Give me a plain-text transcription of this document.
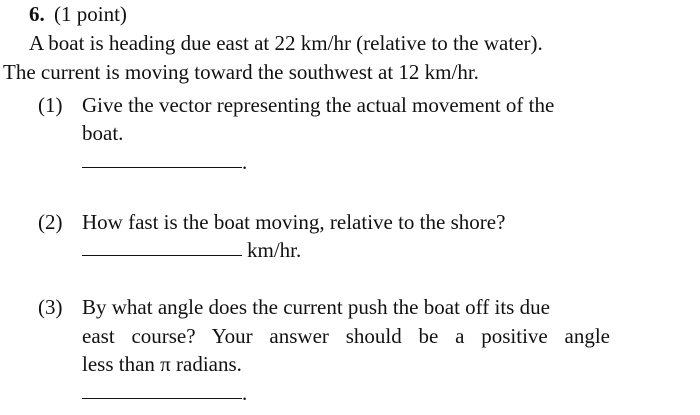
6. (1 point)
A boat is heading due east at 22 km/hr (relative to the water).
The current is moving toward the southwest at 12 km/hr.
(1) Give the vector representing the actual movement of the
boat.
.
(2) How fast is the boat moving, relative to the shore?
km/hr.
(3) By what angle does the current push the boat off its due
east course? Your answer should be a positive angle
less than π radians.
.
